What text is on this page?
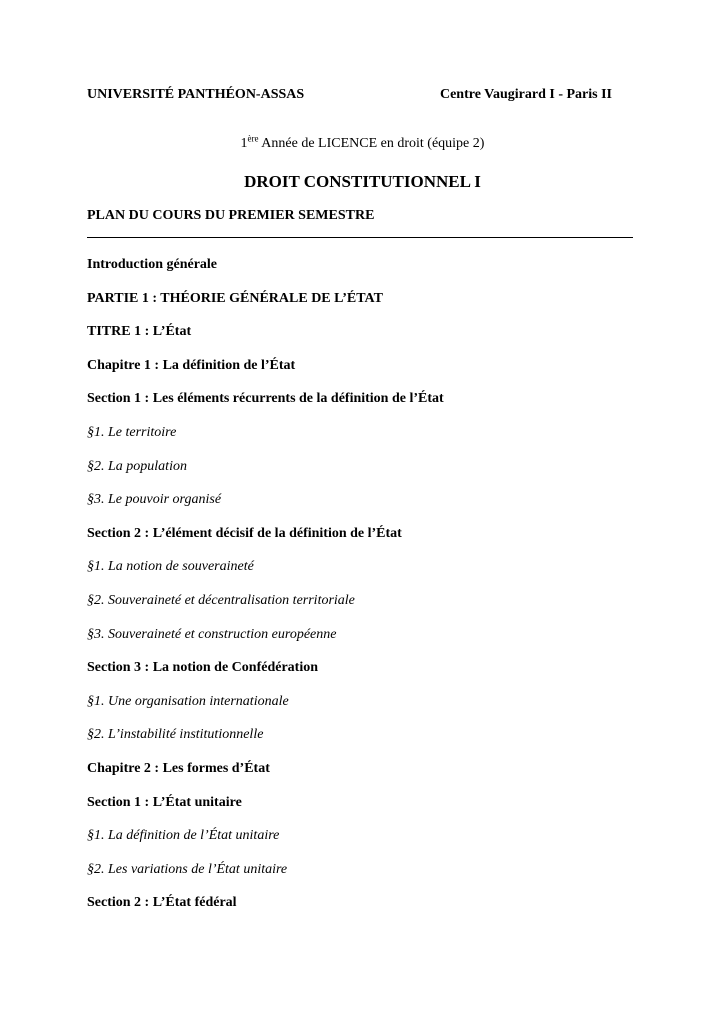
UNIVERSITÉ PANTHÉON-ASSAS	Centre Vaugirard I - Paris II
1ère Année de LICENCE en droit (équipe 2)
DROIT CONSTITUTIONNEL I
PLAN DU COURS DU PREMIER SEMESTRE
Introduction générale
PARTIE 1 : THÉORIE GÉNÉRALE DE L’ÉTAT
TITRE 1 : L’État
Chapitre 1 : La définition de l’État
Section 1 : Les éléments récurrents de la définition de l’État
§1. Le territoire
§2. La population
§3. Le pouvoir organisé
Section 2 : L’élément décisif de la définition de l’État
§1. La notion de souveraineté
§2. Souveraineté et décentralisation territoriale
§3. Souveraineté et construction européenne
Section 3 : La notion de Confédération
§1. Une organisation internationale
§2. L’instabilité institutionnelle
Chapitre 2 : Les formes d’État
Section 1 : L’État unitaire
§1. La définition de l’État unitaire
§2. Les variations de l’État unitaire
Section 2 : L’État fédéral
